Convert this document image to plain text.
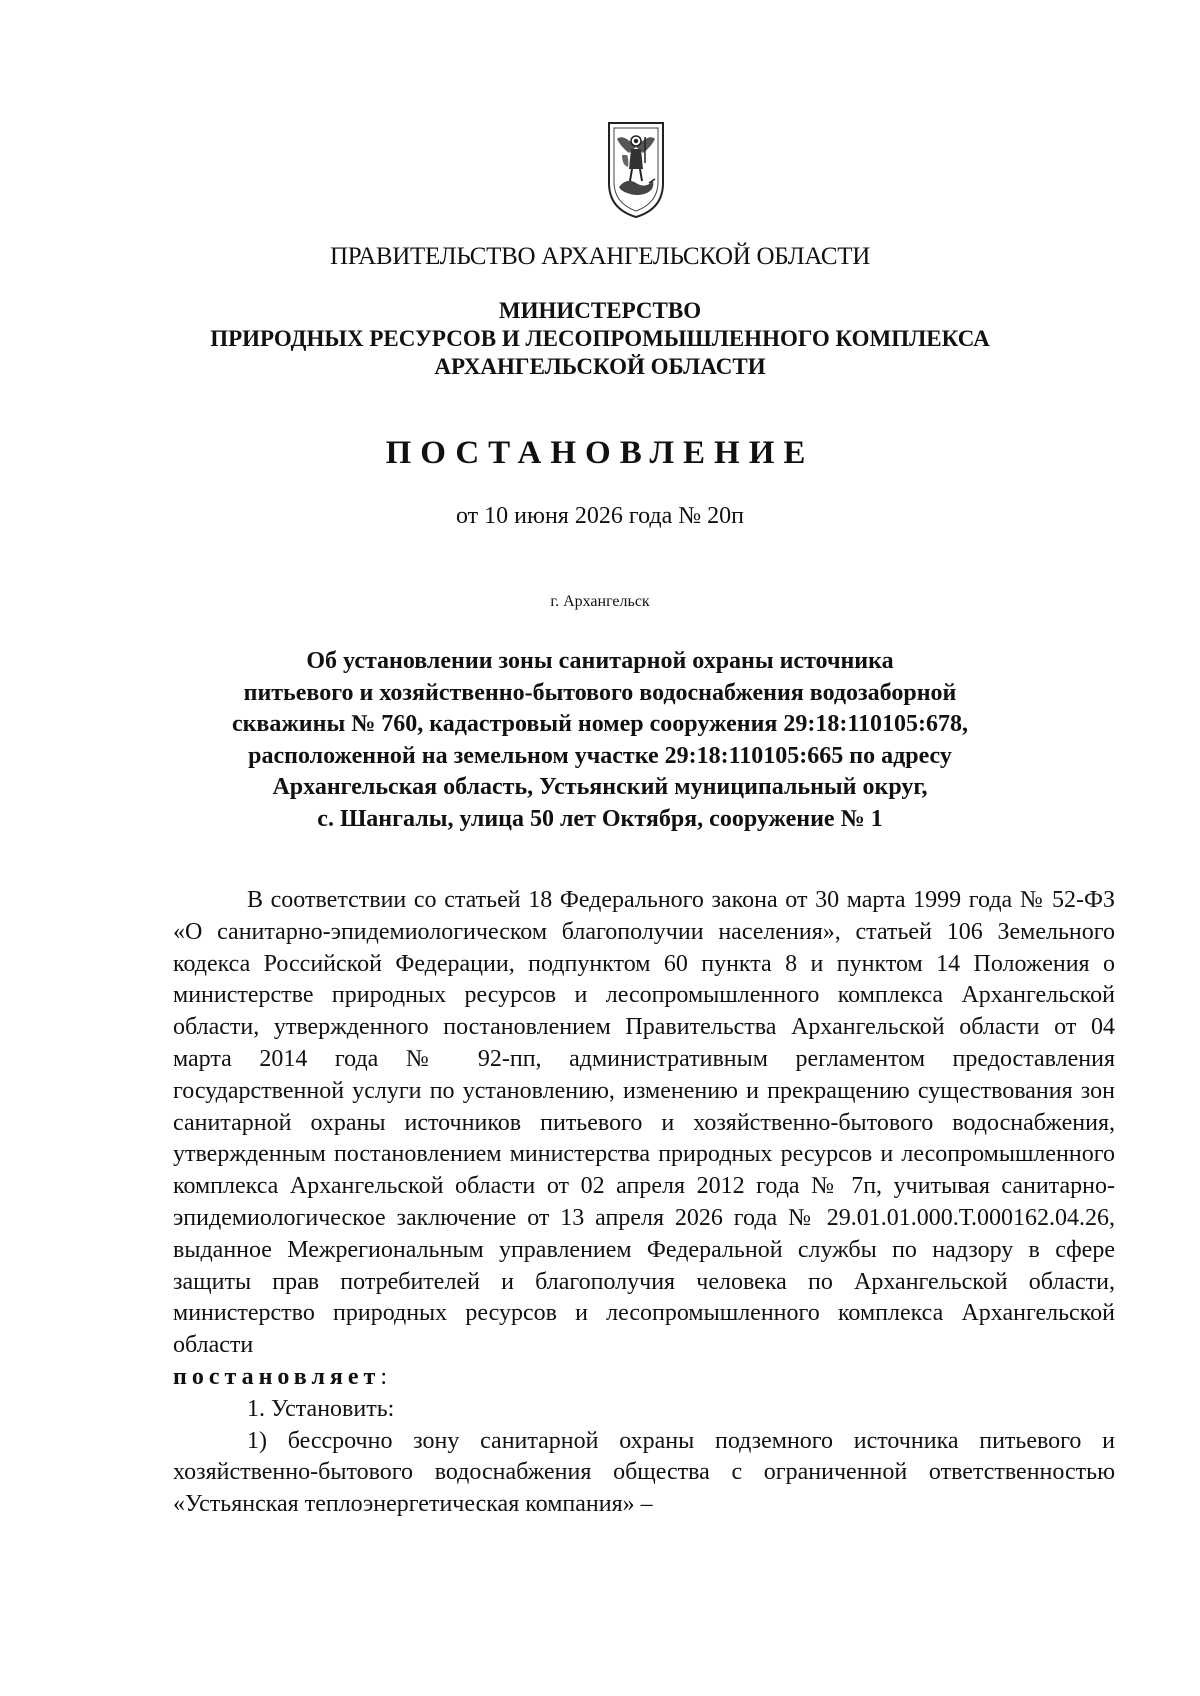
ПРАВИТЕЛЬСТВО АРХАНГЕЛЬСКОЙ ОБЛАСТИ

МИНИСТЕРСТВО
ПРИРОДНЫХ РЕСУРСОВ И ЛЕСОПРОМЫШЛЕННОГО КОМПЛЕКСА
АРХАНГЕЛЬСКОЙ ОБЛАСТИ
ПОСТАНОВЛЕНИЕ

от 10 июня 2026 года № 20п

г. Архангельск

Об установлении зоны санитарной охраны источника
питьевого и хозяйственно-бытового водоснабжения водозаборной
скважины № 760, кадастровый номер сооружения 29:18:110105:678,
расположенной на земельном участке 29:18:110105:665 по адресу
Архангельская область, Устьянский муниципальный округ,
с. Шангалы, улица 50 лет Октября, сооружение № 1

В соответствии со статьей 18 Федерального закона от 30 марта 1999 года № 52-ФЗ «О санитарно-эпидемиологическом благополучии населения», статьей 106 Земельного кодекса Российской Федерации, подпунктом 60 пункта 8 и пунктом 14 Положения о министерстве природных ресурсов и лесопромышленного комплекса Архангельской области, утвержденного постановлением Правительства Архангельской области от 04 марта 2014 года № 92-пп, административным регламентом предоставления государственной услуги по установлению, изменению и прекращению существования зон санитарной охраны источников питьевого и хозяйственно-бытового водоснабжения, утвержденным постановлением министерства природных ресурсов и лесопромышленного комплекса Архангельской области от 02 апреля 2012 года № 7п, учитывая санитарно-эпидемиологическое заключение от 13 апреля 2026 года № 29.01.01.000.Т.000162.04.26, выданное Межрегиональным управлением Федеральной службы по надзору в сфере защиты прав потребителей и благополучия человека по Архангельской области, министерство природных ресурсов и лесопромышленного комплекса Архангельской области

постановляет:

1. Установить:

1) бессрочно зону санитарной охраны подземного источника питьевого и хозяйственно-бытового водоснабжения общества с ограниченной ответственностью «Устьянская теплоэнергетическая компания» –
